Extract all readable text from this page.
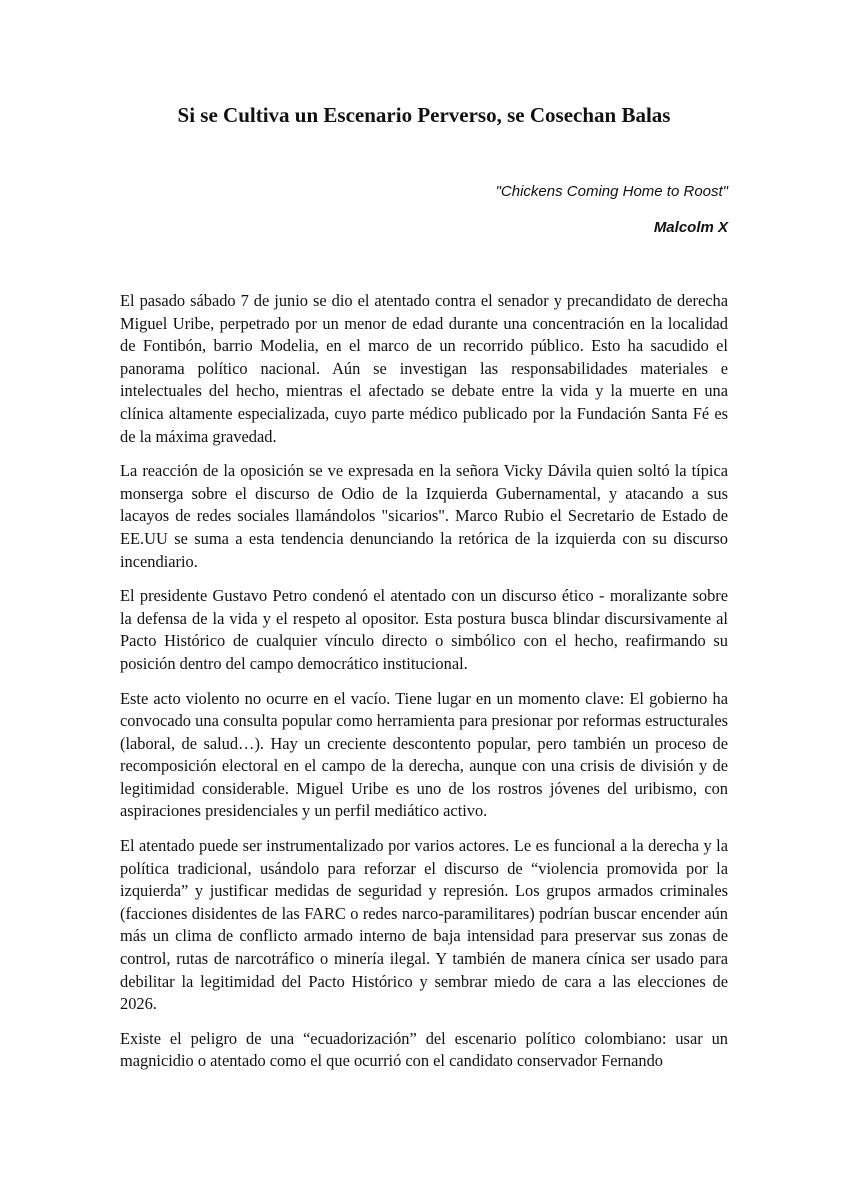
Si se Cultiva un Escenario Perverso, se Cosechan Balas

"Chickens Coming Home to Roost"

Malcolm X

El pasado sábado 7 de junio se dio el atentado contra el senador y precandidato de derecha Miguel Uribe, perpetrado por un menor de edad durante una concentración en la localidad de Fontibón, barrio Modelia, en el marco de un recorrido público. Esto ha sacudido el panorama político nacional. Aún se investigan las responsabilidades materiales e intelectuales del hecho, mientras el afectado se debate entre la vida y la muerte en una clínica altamente especializada, cuyo parte médico publicado por la Fundación Santa Fé es de la máxima gravedad.

La reacción de la oposición se ve expresada en la señora Vicky Dávila quien soltó la típica monserga sobre el discurso de Odio de la Izquierda Gubernamental, y atacando a sus lacayos de redes sociales llamándolos "sicarios". Marco Rubio el Secretario de Estado de EE.UU se suma a esta tendencia denunciando la retórica de la izquierda con su discurso incendiario.

El presidente Gustavo Petro condenó el atentado con un discurso ético - moralizante sobre la defensa de la vida y el respeto al opositor. Esta postura busca blindar discursivamente al Pacto Histórico de cualquier vínculo directo o simbólico con el hecho, reafirmando su posición dentro del campo democrático institucional.

Este acto violento no ocurre en el vacío. Tiene lugar en un momento clave: El gobierno ha convocado una consulta popular como herramienta para presionar por reformas estructurales (laboral, de salud…). Hay un creciente descontento popular, pero también un proceso de recomposición electoral en el campo de la derecha, aunque con una crisis de división y de legitimidad considerable. Miguel Uribe es uno de los rostros jóvenes del uribismo, con aspiraciones presidenciales y un perfil mediático activo.

El atentado puede ser instrumentalizado por varios actores. Le es funcional a la derecha y la política tradicional, usándolo para reforzar el discurso de “violencia promovida por la izquierda” y justificar medidas de seguridad y represión. Los grupos armados criminales (facciones disidentes de las FARC o redes narco-paramilitares) podrían buscar encender aún más un clima de conflicto armado interno de baja intensidad para preservar sus zonas de control, rutas de narcotráfico o minería ilegal. Y también de manera cínica ser usado para debilitar la legitimidad del Pacto Histórico y sembrar miedo de cara a las elecciones de 2026.

Existe el peligro de una “ecuadorización” del escenario político colombiano: usar un magnicidio o atentado como el que ocurrió con el candidato conservador Fernando
